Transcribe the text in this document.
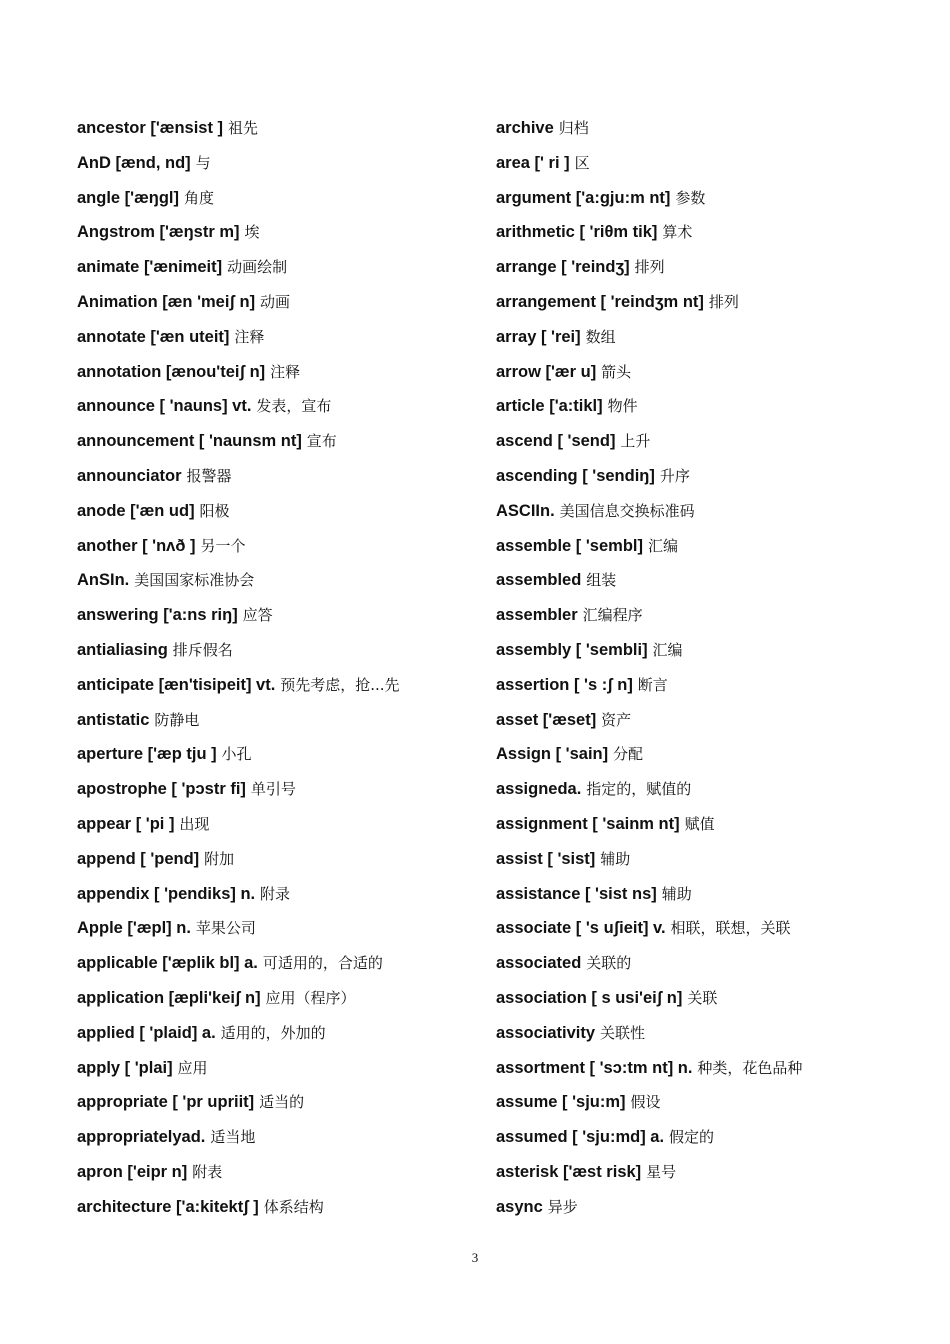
ancestor ['ænsist ] 祖先
AnD [ænd, nd] 与
angle ['æŋgl] 角度
Angstrom ['æŋstr m] 埃
animate ['ænimeit] 动画绘制
Animation [æn 'meiʃ n] 动画
annotate ['æn uteit] 注释
annotation [ænou'teiʃ n] 注释
announce [ 'nauns] vt. 发表，宣布
announcement [ 'naunsm nt] 宣布
announciator 报警器
anode ['æn ud] 阳极
another [ 'nʌð ] 另一个
AnSIn. 美国国家标准协会
answering ['a:ns riŋ] 应答
antialiasing 排斥假名
anticipate [æn'tisipeit] vt. 预先考虑，抢...先
antistatic 防静电
aperture ['æp tju ] 小孔
apostrophe [ 'pɔstr fi] 单引号
appear [ 'pi ] 出现
append [ 'pend] 附加
appendix [ 'pendiks] n. 附录
Apple ['æpl] n. 苹果公司
applicable ['æplik bl] a. 可适用的，合适的
application [æpli'keiʃ n] 应用（程序）
applied [ 'plaid] a. 适用的，外加的
apply [ 'plai] 应用
appropriate [ 'pr upriit] 适当的
appropriatelyad. 适当地
apron ['eipr n] 附表
architecture ['a:kitektʃ ] 体系结构
archive 归档
area [' ri ] 区
argument ['a:gju:m nt] 参数
arithmetic [ 'riθm tik] 算术
arrange [ 'reindʒ] 排列
arrangement [ 'reindʒm nt] 排列
array [ 'rei] 数组
arrow ['ær u] 箭头
article ['a:tikl] 物件
ascend [ 'send] 上升
ascending [ 'sendiŋ] 升序
ASCIIn. 美国信息交换标准码
assemble [ 'sembl] 汇编
assembled 组装
assembler 汇编程序
assembly [ 'sembli] 汇编
assertion [ 's :ʃ n] 断言
asset ['æset] 资产
Assign [ 'sain] 分配
assigneda. 指定的，赋值的
assignment [ 'sainm nt] 赋值
assist [ 'sist] 辅助
assistance [ 'sist ns] 辅助
associate [ 's uʃieit] v. 相联，联想，关联
associated 关联的
association [ s usi'eiʃ n] 关联
associativity 关联性
assortment [ 'sɔ:tm nt] n. 种类，花色品种
assume [ 'sju:m] 假设
assumed [ 'sju:md] a. 假定的
asterisk ['æst risk] 星号
async 异步
3
